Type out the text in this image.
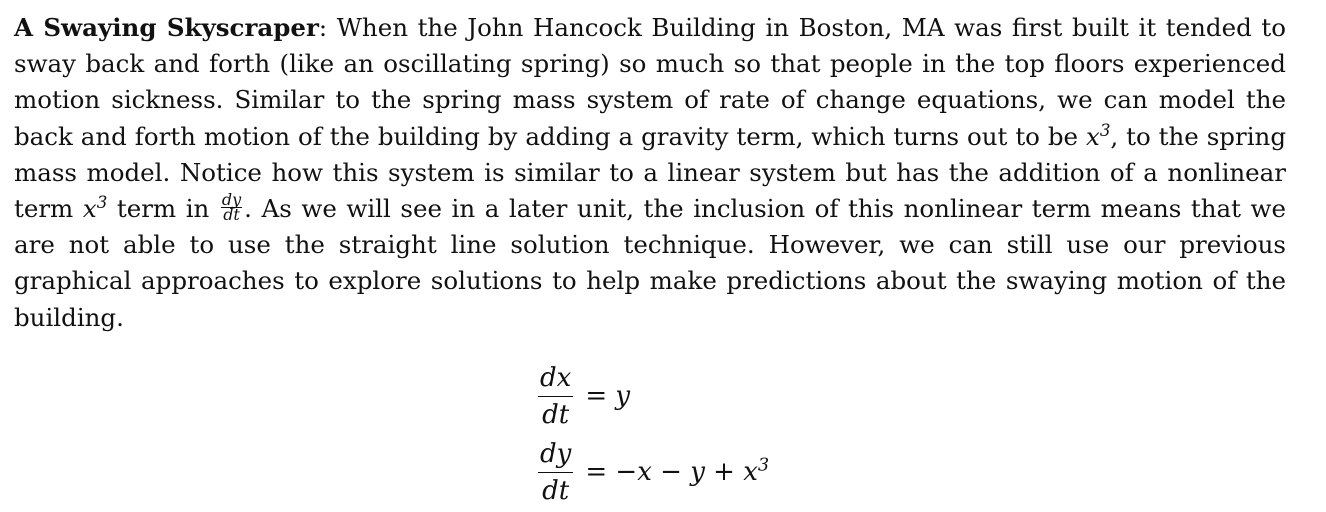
A Swaying Skyscraper: When the John Hancock Building in Boston, MA was first built it tended to sway back and forth (like an oscillating spring) so much so that people in the top floors experienced motion sickness. Similar to the spring mass system of rate of change equations, we can model the back and forth motion of the building by adding a gravity term, which turns out to be $x^3$, to the spring mass model. Notice how this system is similar to a linear system but has the addition of a nonlinear term $x^3$ term in $\frac{dy}{dt}$ . As we will see in a later unit, the inclusion of this nonlinear term means that we are not able to use the straight line solution technique. However, we can still use our previous graphical approaches to explore solutions to help make predictions about the swaying motion of the building.

$\frac{dx}{dt} = y$
$\frac{dy}{dt} = -x - y + x^3$
